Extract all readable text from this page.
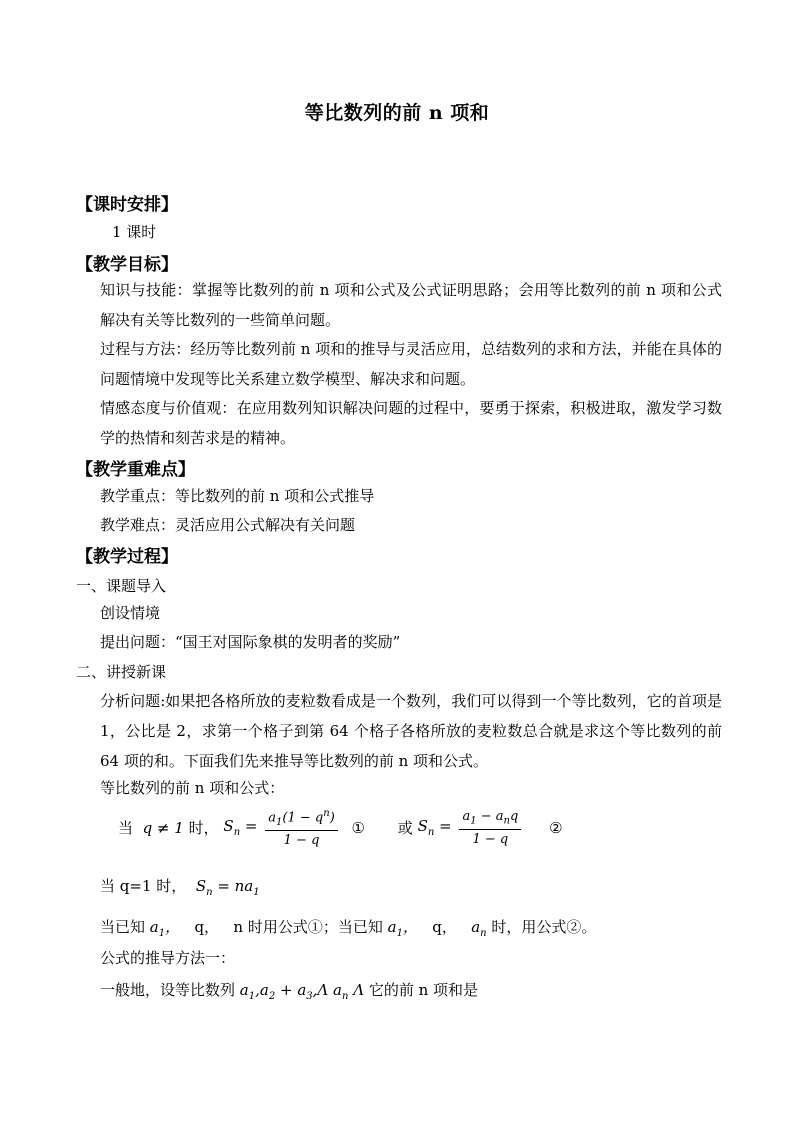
等比数列的前 n 项和
【课时安排】
1 课时
【教学目标】
知识与技能：掌握等比数列的前 n 项和公式及公式证明思路；会用等比数列的前 n 项和公式解决有关等比数列的一些简单问题。
过程与方法：经历等比数列前 n 项和的推导与灵活应用，总结数列的求和方法，并能在具体的问题情境中发现等比关系建立数学模型、解决求和问题。
情感态度与价值观：在应用数列知识解决问题的过程中，要勇于探索，积极进取，激发学习数学的热情和刻苦求是的精神。
【教学重难点】
教学重点：等比数列的前 n 项和公式推导
教学难点：灵活应用公式解决有关问题
【教学过程】
一、课题导入
创设情境
提出问题：“国王对国际象棋的发明者的奖励”
二、讲授新课
分析问题:如果把各格所放的麦粒数看成是一个数列，我们可以得到一个等比数列，它的首项是 1，公比是 2，求第一个格子到第 64 个格子各格所放的麦粒数总合就是求这个等比数列的前 64 项的和。下面我们先来推导等比数列的前 n 项和公式。
等比数列的前 n 项和公式：
当  q ≠ 1 时， $S_n = \frac{a_1(1 - q^n)}{1 - q}$ ① 或 $S_n = \frac{a_1 - a_nq}{1 - q}$ ②
当 q=1 时，  $S_n = na_1$
当已知 $a_1$， q， n 时用公式①；当已知 $a_1$， q， $a_n$ 时，用公式②。
公式的推导方法一：
一般地，设等比数列 $a_1,a_2 + a_3,\Lambda$ $a_n$ Λ 它的前 n 项和是
